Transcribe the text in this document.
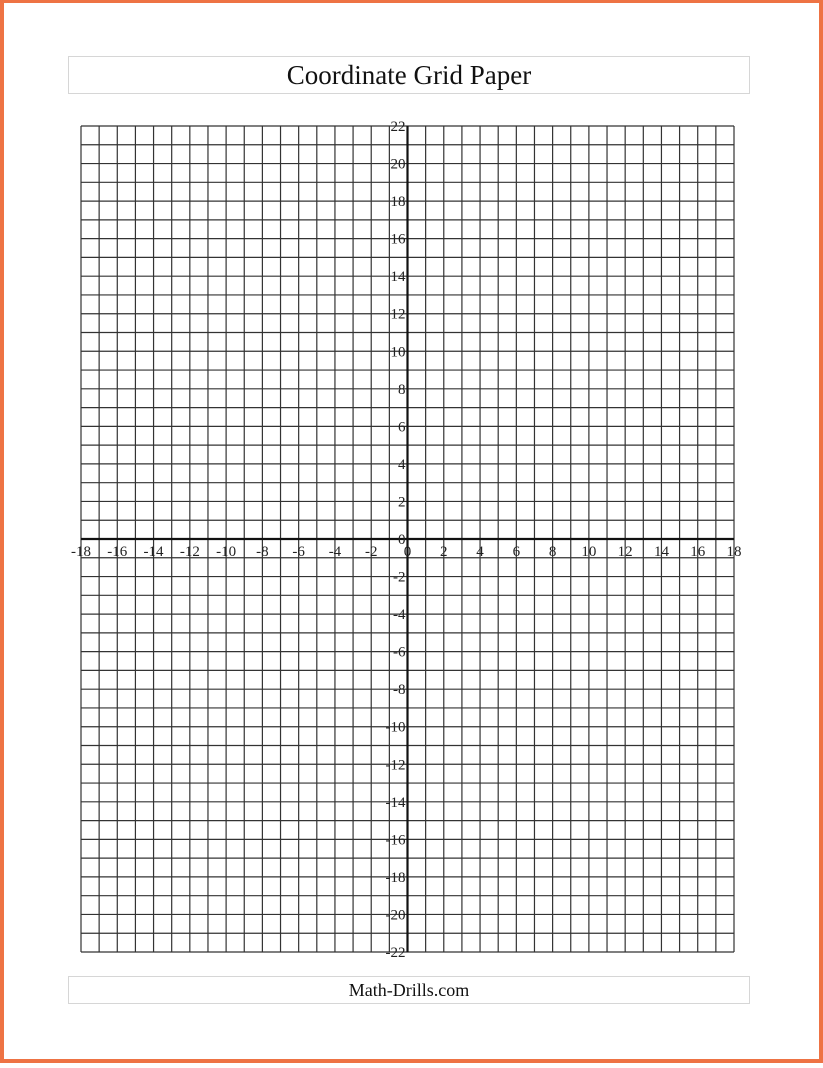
Coordinate Grid Paper
-18 -16 -14 -12 -10 -8 -6 -4 -2 0 2 4 6 8 10 12 14 16 18
22
20
18
16
14
12
10
8
6
4
2
0
-2
-4
-6
-8
-10
-12
-14
-16
-18
-20
-22
Math-Drills.com
